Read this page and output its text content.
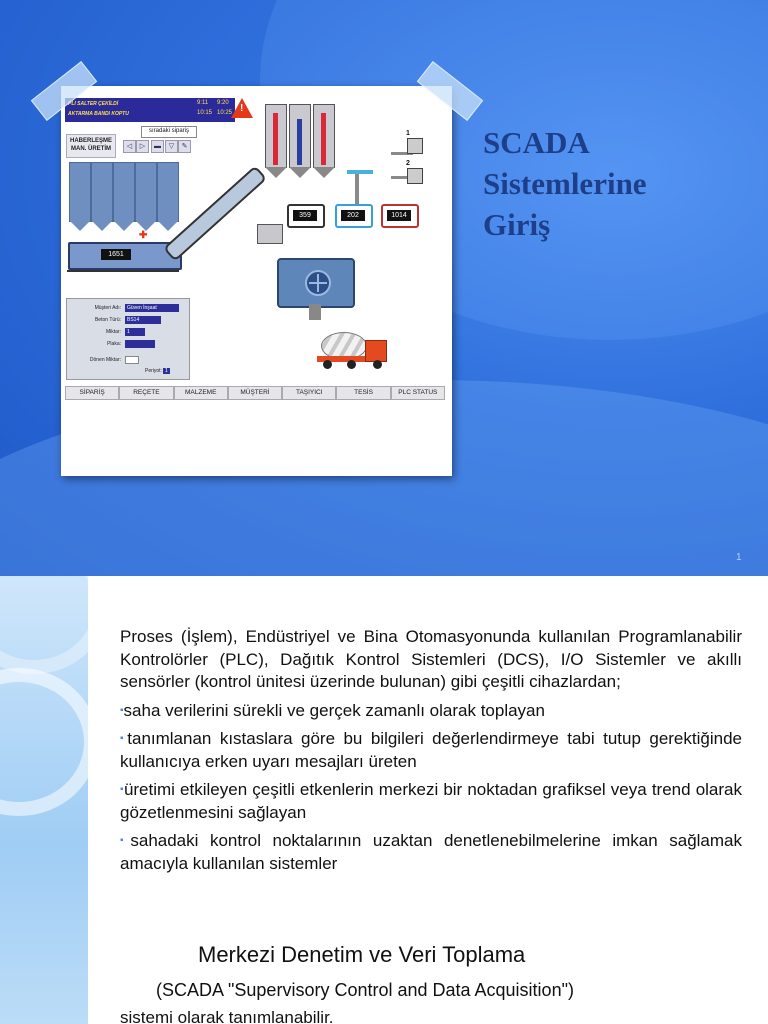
PLI SALTER ÇEKİLDİ
AKTARMA BANDI KOPTU
9:11 9:20
10:15 10:25 !
HABERLEŞME
MAN. ÜRETİM
sıradaki sipariş
◁	▷	▬	▽	✎
✚
1651
359	202	1014
1
2
Müşteri Adı:	Güven İnşaat
Beton Türü:	BS14
Miktar:	1
Plaka:
Dönen Miktar:
Periyot: 1
SİPARİŞ	REÇETE	MALZEME	MÜŞTERİ	TAŞIYICI	TESİS	PLC STATUS
SCADA
Sistemlerine
Giriş
1

Proses (İşlem), Endüstriyel ve Bina Otomasyonunda kullanılan Programlanabilir Kontrolörler (PLC), Dağıtık Kontrol Sistemleri (DCS), I/O Sistemler ve akıllı sensörler (kontrol ünitesi üzerinde bulunan) gibi çeşitli cihazlardan;

▪saha verilerini sürekli ve gerçek zamanlı olarak toplayan

▪tanımlanan kıstaslara göre bu bilgileri değerlendirmeye tabi tutup gerektiğinde kullanıcıya erken uyarı mesajları üreten

▪üretimi etkileyen çeşitli etkenlerin merkezi bir noktadan grafiksel veya trend olarak gözetlenmesini sağlayan

▪sahadaki kontrol noktalarının uzaktan denetlenebilmelerine imkan sağlamak amacıyla kullanılan sistemler

Merkezi Denetim ve Veri Toplama
(SCADA "Supervisory Control and Data Acquisition")
sistemi olarak tanımlanabilir.
